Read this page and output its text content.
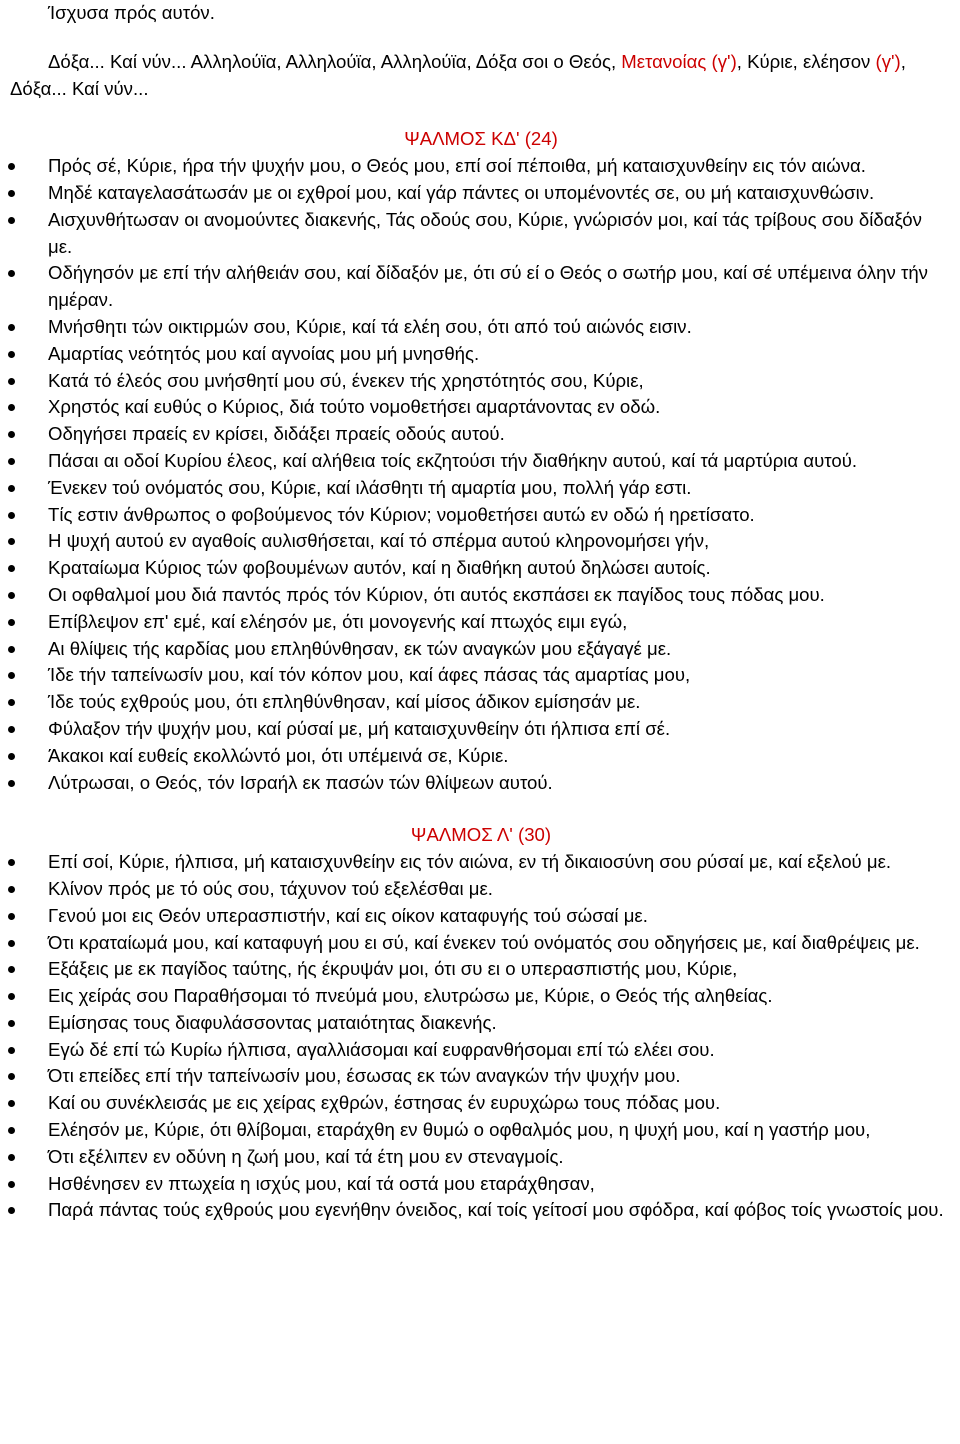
Ίσχυσα πρός αυτόν.

Δόξα... Καί νύν... Αλληλούϊα, Αλληλούϊα, Αλληλούϊα, Δόξα σοι ο Θεός, Μετανοίας (γ'), Κύριε, ελέησον (γ'), Δόξα... Καί νύν...

ΨΑΛΜΟΣ ΚΔ' (24)
Πρός σέ, Κύριε, ήρα τήν ψυχήν μου, ο Θεός μου, επί σοί πέποιθα, μή καταισχυνθείην εις τόν αιώνα.
Μηδέ καταγελασάτωσάν με οι εχθροί μου, καί γάρ πάντες οι υπομένοντές σε, ου μή καταισχυνθώσιν.
Αισχυνθήτωσαν οι ανομούντες διακενής, Τάς οδούς σου, Κύριε, γνώρισόν μοι, καί τάς τρίβους σου δίδαξόν με.
Οδήγησόν με επί τήν αλήθειάν σου, καί δίδαξόν με, ότι σύ εί ο Θεός ο σωτήρ μου, καί σέ υπέμεινα όλην τήν ημέραν.
Μνήσθητι τών οικτιρμών σου, Κύριε, καί τά ελέη σου, ότι από τού αιώνός εισιν.
Αμαρτίας νεότητός μου καί αγνοίας μου μή μνησθής.
Κατά τό έλεός σου μνήσθητί μου σύ, ένεκεν τής χρηστότητός σου, Κύριε,
Χρηστός καί ευθύς ο Κύριος, διά τούτο νομοθετήσει αμαρτάνοντας εν οδώ.
Οδηγήσει πραείς εν κρίσει, διδάξει πραείς οδούς αυτού.
Πάσαι αι οδοί Κυρίου έλεος, καί αλήθεια τοίς εκζητούσι τήν διαθήκην αυτού, καί τά μαρτύρια αυτού.
Ένεκεν τού ονόματός σου, Κύριε, καί ιλάσθητι τή αμαρτία μου, πολλή γάρ εστι.
Τίς εστιν άνθρωπος ο φοβούμενος τόν Κύριον; νομοθετήσει αυτώ εν οδώ ή ηρετίσατο.
Η ψυχή αυτού εν αγαθοίς αυλισθήσεται, καί τό σπέρμα αυτού κληρονομήσει γήν,
Κραταίωμα Κύριος τών φοβουμένων αυτόν, καί η διαθήκη αυτού δηλώσει αυτοίς.
Οι οφθαλμοί μου διά παντός πρός τόν Κύριον, ότι αυτός εκσπάσει εκ παγίδος τους πόδας μου.
Επίβλεψον επ' εμέ, καί ελέησόν με, ότι μονογενής καί πτωχός ειμι εγώ,
Αι θλίψεις τής καρδίας μου επληθύνθησαν, εκ τών αναγκών μου εξάγαγέ με.
Ίδε τήν ταπείνωσίν μου, καί τόν κόπον μου, καί άφες πάσας τάς αμαρτίας μου,
Ίδε τούς εχθρούς μου, ότι επληθύνθησαν, καί μίσος άδικον εμίσησάν με.
Φύλαξον τήν ψυχήν μου, καί ρύσαί με, μή καταισχυνθείην ότι ήλπισα επί σέ.
Άκακοι καί ευθείς εκολλώντό μοι, ότι υπέμεινά σε, Κύριε.
Λύτρωσαι, ο Θεός, τόν Ισραήλ εκ πασών τών θλίψεων αυτού.
ΨΑΛΜΟΣ Λ' (30)
Επί σοί, Κύριε, ήλπισα, μή καταισχυνθείην εις τόν αιώνα, εν τή δικαιοσύνη σου ρύσαί με, καί εξελού με.
Κλίνον πρός με τό ούς σου, τάχυνον τού εξελέσθαι με.
Γενού μοι εις Θεόν υπερασπιστήν, καί εις οίκον καταφυγής τού σώσαί με.
Ότι κραταίωμά μου, καί καταφυγή μου ει σύ, καί ένεκεν τού ονόματός σου οδηγήσεις με, καί διαθρέψεις με.
Εξάξεις με εκ παγίδος ταύτης, ής έκρυψάν μοι, ότι συ ει ο υπερασπιστής μου, Κύριε,
Εις χείράς σου Παραθήσομαι τό πνεύμά μου, ελυτρώσω με, Κύριε, ο Θεός τής αληθείας.
Εμίσησας τους διαφυλάσσοντας ματαιότητας διακενής.
Εγώ δέ επί τώ Κυρίω ήλπισα, αγαλλιάσομαι καί ευφρανθήσομαι επί τώ ελέει σου.
Ότι επείδες επί τήν ταπείνωσίν μου, έσωσας εκ τών αναγκών τήν ψυχήν μου.
Καί ου συνέκλεισάς με εις χείρας εχθρών, έστησας έν ευρυχώρω τους πόδας μου.
Ελέησόν με, Κύριε, ότι θλίβομαι, εταράχθη εν θυμώ ο οφθαλμός μου, η ψυχή μου, καί η γαστήρ μου,
Ότι εξέλιπεν εν οδύνη η ζωή μου, καί τά έτη μου εν στεναγμοίς.
Ησθένησεν εν πτωχεία η ισχύς μου, καί τά οστά μου εταράχθησαν,
Παρά πάντας τούς εχθρούς μου εγενήθην όνειδος, καί τοίς γείτοσί μου σφόδρα, καί φόβος τοίς γνωστοίς μου.
